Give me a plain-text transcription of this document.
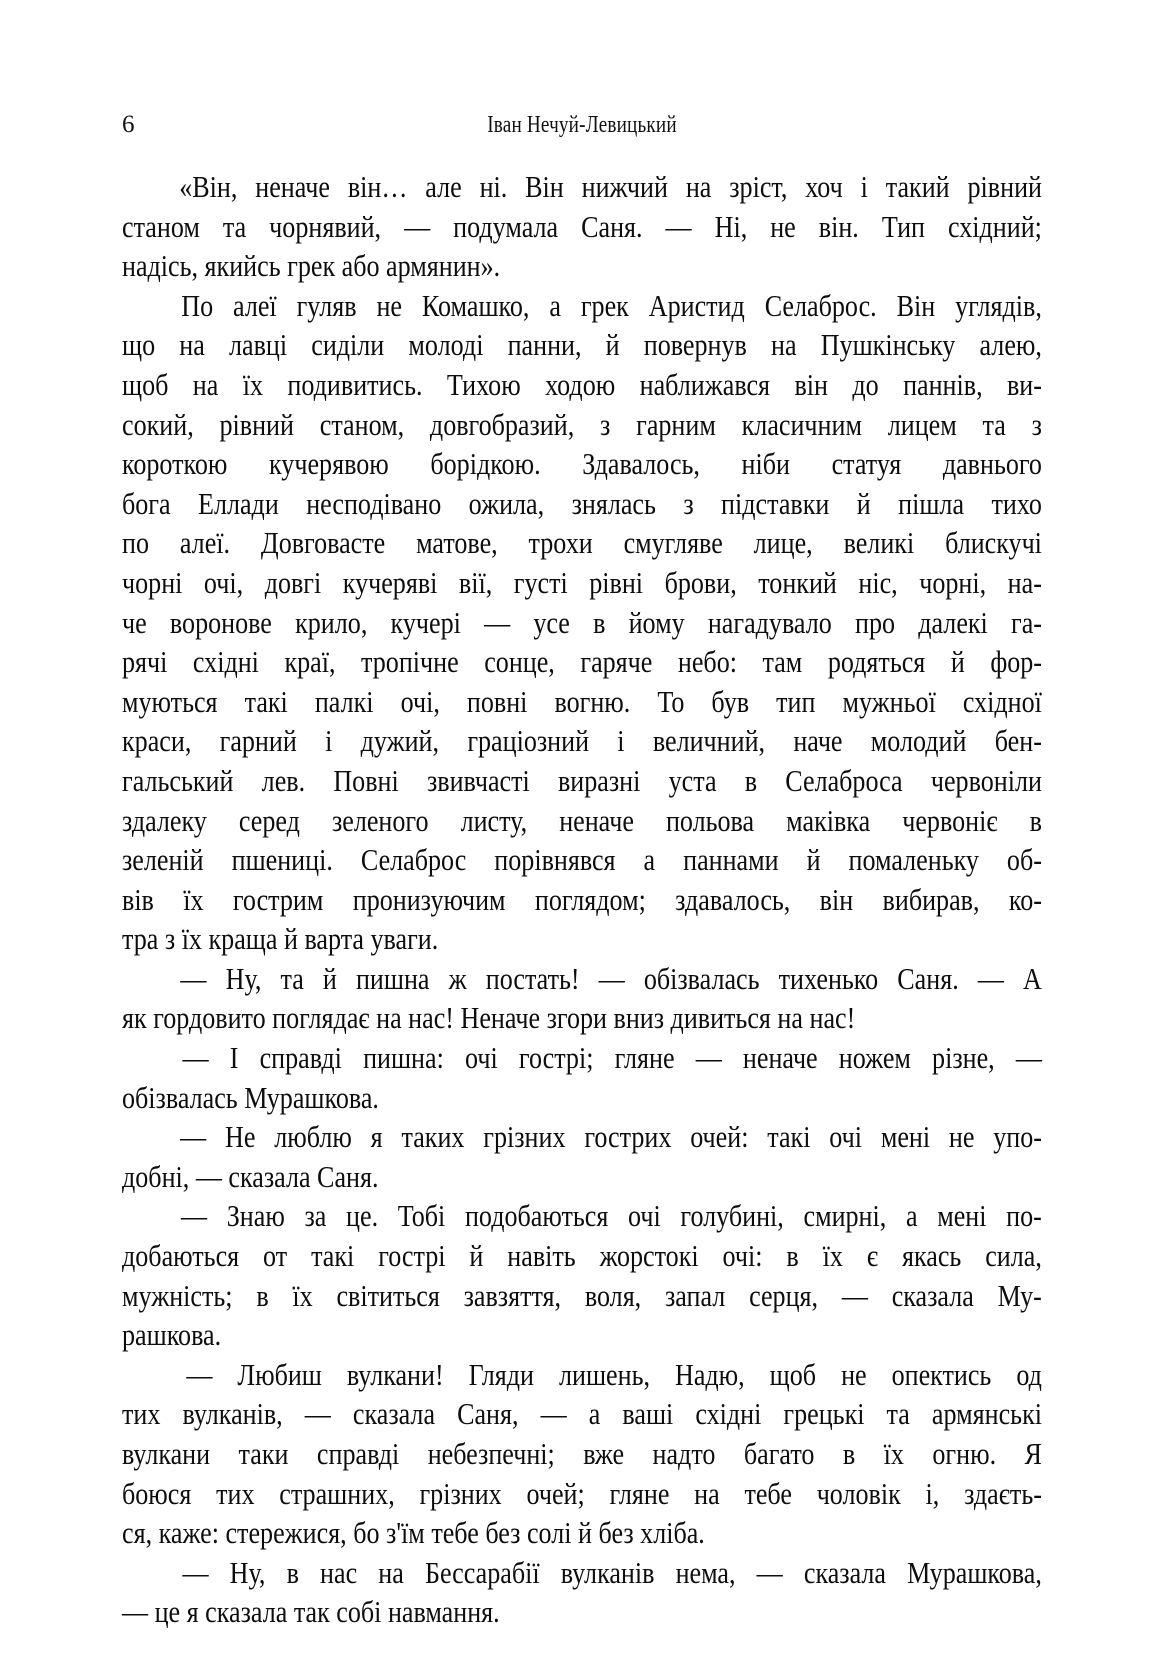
6	Іван Нечуй-Левицький
«Він, неначе він… але ні. Він нижчий на зріст, хоч і такий рівний
станом та чорнявий, — подумала Саня. — Ні, не він. Тип східний;
надісь,
якийсь
грек
або
армянин».
По алеї гуляв не Комашко, а грек Аристид Селаброс. Він углядів,
що на лавці сиділи молоді панни, й повернув на Пушкінську алею,
щоб на їх подивитись. Тихою ходою наближався він до паннів, ви-
сокий, рівний станом, довгобразий, з гарним класичним лицем та з
короткою кучерявою борідкою. Здавалось, ніби статуя давнього
бога Еллади несподівано ожила, знялась з підставки й пішла тихо
по алеї. Довговасте матове, трохи смугляве лице, великі блискучі
чорні очі, довгі кучеряві вії, густі рівні брови, тонкий ніс, чорні, на-
че воронове крило, кучері — усе в йому нагадувало про далекі га-
рячі східні краї, тропічне сонце, гаряче небо: там родяться й фор-
муються такі палкі очі, повні вогню. То був тип мужньої східної
краси, гарний і дужий, граціозний і величний, наче молодий бен-
гальський лев. Повні звивчасті виразні уста в Селаброса червоніли
здалеку серед зеленого листу, неначе польова маківка червоніє в
зеленій пшениці. Селаброс порівнявся а паннами й помаленьку об-
вів їх гострим пронизуючим поглядом; здавалось, він вибирав, ко-
тра
з
їх
краща
й
варта
уваги.
— Ну, та й пишна ж постать! — обізвалась тихенько Саня. — А
як
гордовито
поглядає
на
нас!
Неначе
згори
вниз
дивиться
на
нас!
— І справді пишна: очі гострі; гляне — неначе ножем різне, —
обізвалась
Мурашкова.
— Не люблю я таких грізних гострих очей: такі очі мені не упо-
добні,
—
сказала
Саня.
— Знаю за це. Тобі подобаються очі голубині, смирні, а мені по-
добаються от такі гострі й навіть жорстокі очі: в їх є якась сила,
мужність; в їх світиться завзяття, воля, запал серця, — сказала Му-
рашкова.
— Любиш вулкани! Гляди лишень, Надю, щоб не опектись од
тих вулканів, — сказала Саня, — а ваші східні грецькі та армянські
вулкани таки справді небезпечні; вже надто багато в їх огню. Я
боюся тих страшних, грізних очей; гляне на тебе чоловік і, здаєть-
ся,
каже:
стережися,
бо
з'їм
тебе
без
солі
й
без
хліба.
— Ну, в нас на Бессарабії вулканів нема, — сказала Мурашкова,
—
це
я
сказала
так
собі
навмання.
